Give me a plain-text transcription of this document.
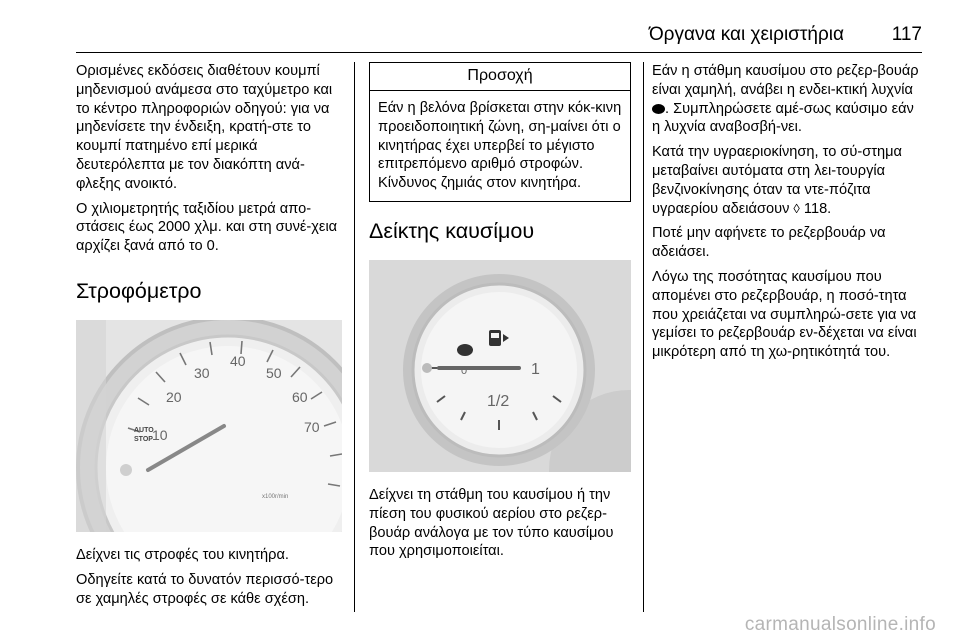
Όργανα και χειριστήρια	117

Ορισμένες εκδόσεις διαθέτουν κουμπί μηδενισμού ανάμεσα στο ταχύμετρο και το κέντρο πληροφοριών οδηγού: για να μηδενίσετε την ένδειξη, κρατή-στε το κουμπί πατημένο επί μερικά δευτερόλεπτα με τον διακόπτη ανά-φλεξης ανοικτό.

Ο χιλιομετρητής ταξιδίου μετρά απο-στάσεις έως 2000 χλμ. και στη συνέ-χεια αρχίζει ξανά από το 0.

Στροφόμετρο
10
20
30
40
50
60
70
AUTO
STOP
x100r/min

Δείχνει τις στροφές του κινητήρα.

Οδηγείτε κατά το δυνατόν περισσό-τερο σε χαμηλές στροφές σε κάθε σχέση.

Προσοχή
Εάν η βελόνα βρίσκεται στην κόκ-κινη προειδοποιητική ζώνη, ση-μαίνει ότι ο κινητήρας έχει υπερβεί το μέγιστο επιτρεπόμενο αριθμό στροφών. Κίνδυνος ζημιάς στον κινητήρα.
Δείκτης καυσίμου
1
1/2
0

Δείχνει τη στάθμη του καυσίμου ή την πίεση του φυσικού αερίου στο ρεζερ-βουάρ ανάλογα με τον τύπο καυσίμου που χρησιμοποιείται.

Εάν η στάθμη καυσίμου στο ρεζερ-βουάρ είναι χαμηλή, ανάβει η ενδει-κτική λυχνία . Συμπληρώσετε αμέ-σως καύσιμο εάν η λυχνία αναβοσβή-νει.

Κατά την υγραεριοκίνηση, το σύ-στημα μεταβαίνει αυτόματα στη λει-τουργία βενζινοκίνησης όταν τα ντε-πόζιτα υγραερίου αδειάσουν ◊ 118.

Ποτέ μην αφήνετε το ρεζερβουάρ να αδειάσει.

Λόγω της ποσότητας καυσίμου που απομένει στο ρεζερβουάρ, η ποσό-τητα που χρειάζεται να συμπληρώ-σετε για να γεμίσει το ρεζερβουάρ εν-δέχεται να είναι μικρότερη από τη χω-ρητικότητά του.

carmanualsonline.info
